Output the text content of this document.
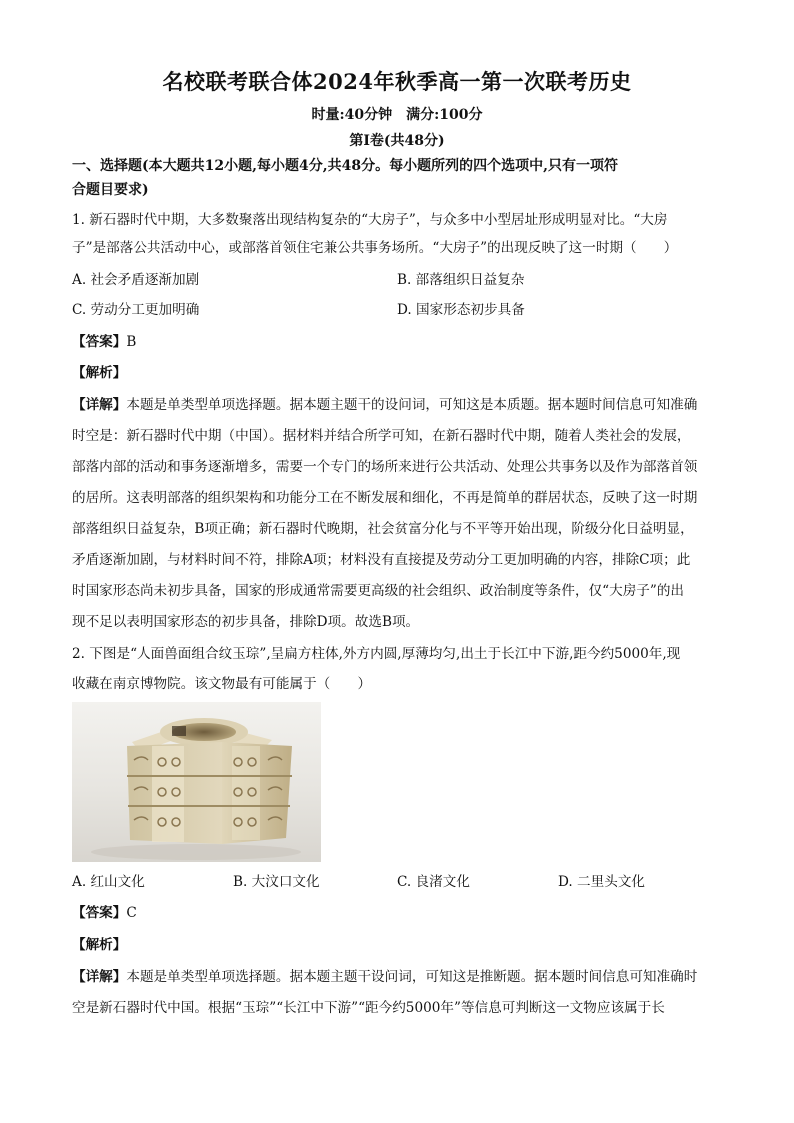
名校联考联合体2024年秋季高一第一次联考历史
时量:40分钟　满分:100分
第Ⅰ卷(共48分)
一、选择题(本大题共12小题,每小题4分,共48分。每小题所列的四个选项中,只有一项符
合题目要求)
1. 新石器时代中期，大多数聚落出现结构复杂的“大房子”，与众多中小型居址形成明显对比。“大房
子”是部落公共活动中心，或部落首领住宅兼公共事务场所。“大房子”的出现反映了这一时期（　　）
A. 社会矛盾逐渐加剧	B. 部落组织日益复杂
C. 劳动分工更加明确	D. 国家形态初步具备
【答案】B
【解析】
【详解】本题是单类型单项选择题。据本题主题干的设问词，可知这是本质题。据本题时间信息可知准确
时空是：新石器时代中期（中国）。据材料并结合所学可知，在新石器时代中期，随着人类社会的发展，
部落内部的活动和事务逐渐增多，需要一个专门的场所来进行公共活动、处理公共事务以及作为部落首领
的居所。这表明部落的组织架构和功能分工在不断发展和细化，不再是简单的群居状态，反映了这一时期
部落组织日益复杂，B项正确；新石器时代晚期，社会贫富分化与不平等开始出现，阶级分化日益明显，
矛盾逐渐加剧，与材料时间不符，排除A项；材料没有直接提及劳动分工更加明确的内容，排除C项；此
时国家形态尚未初步具备，国家的形成通常需要更高级的社会组织、政治制度等条件，仅“大房子”的出
现不足以表明国家形态的初步具备，排除D项。故选B项。
2. 下图是“人面兽面组合纹玉琮”,呈扁方柱体,外方内圆,厚薄均匀,出土于长江中下游,距今约5000年,现
收藏在南京博物院。该文物最有可能属于（　　）
A. 红山文化	B. 大汶口文化	C. 良渚文化	D. 二里头文化
【答案】C
【解析】
【详解】本题是单类型单项选择题。据本题主题干设问词，可知这是推断题。据本题时间信息可知准确时
空是新石器时代中国。根据“玉琮”“长江中下游”“距今约5000年”等信息可判断这一文物应该属于长
